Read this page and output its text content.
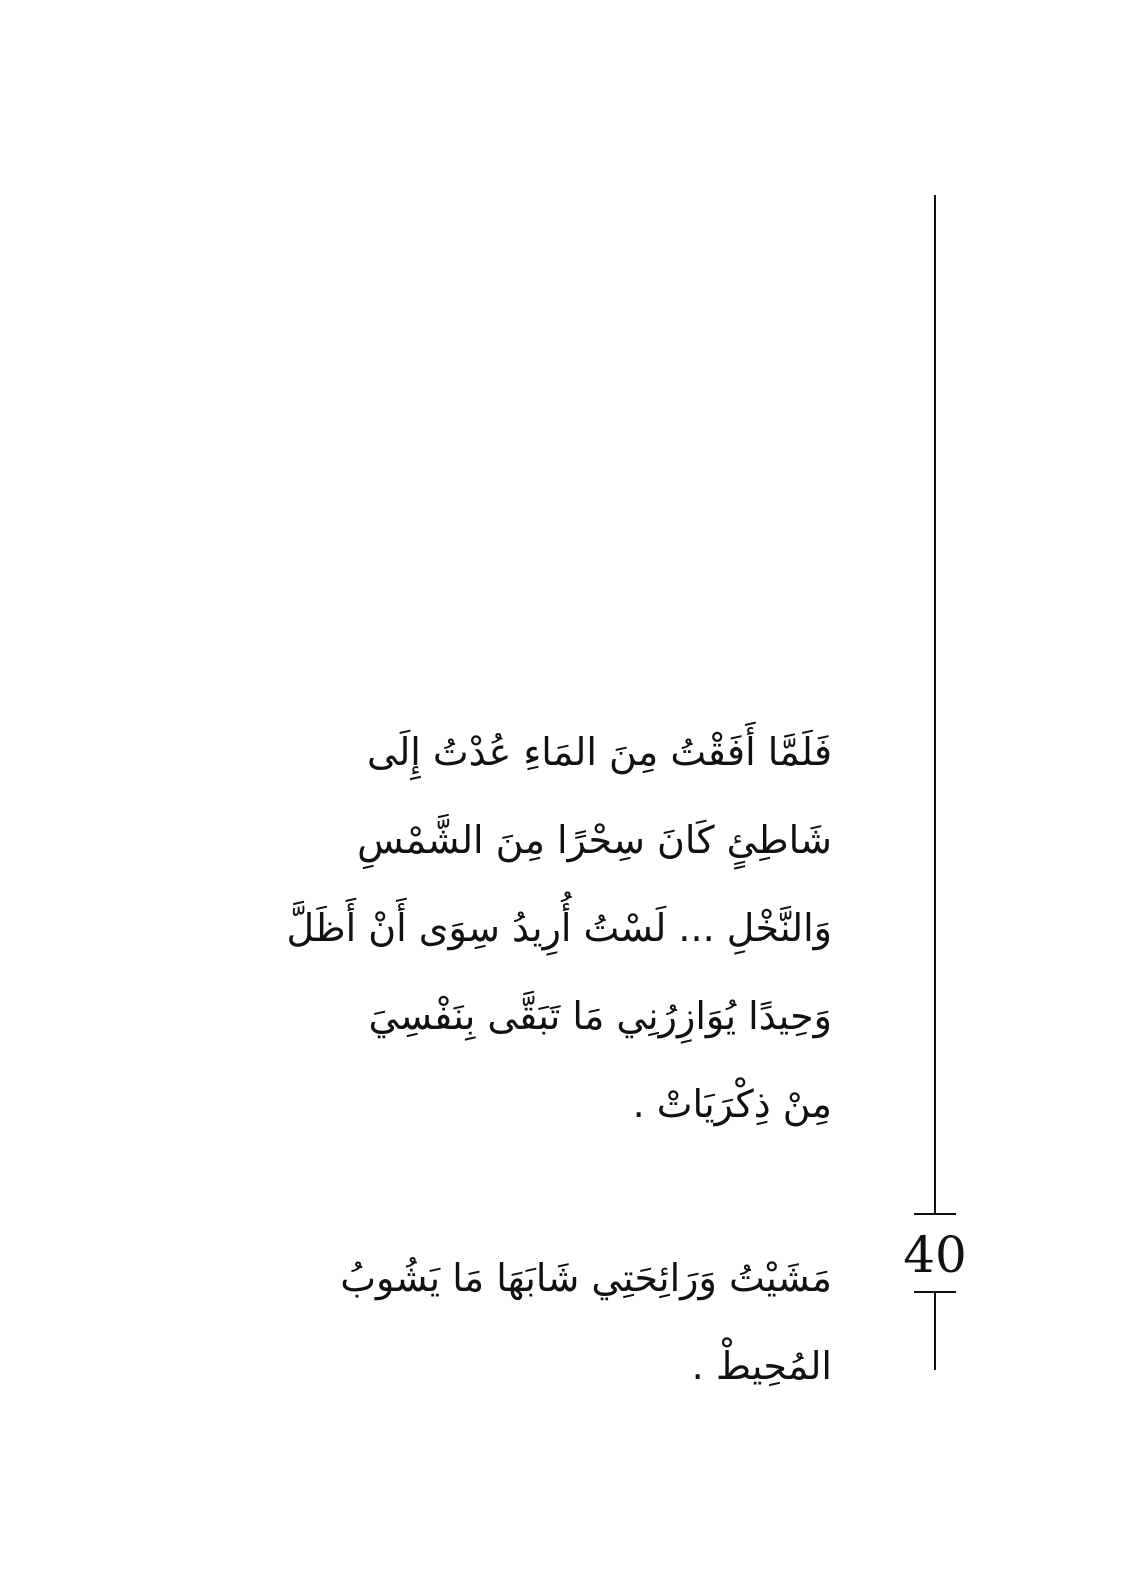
فَلَمَّا أَفَقْتُ مِنَ المَاءِ عُدْتُ إِلَى
شَاطِئٍ كَانَ سِحْرًا مِنَ الشَّمْسِ
وَالنَّخْلِ ... لَسْتُ أُرِيدُ سِوَى أَنْ أَظَلَّ
وَحِيدًا يُوَازِرُنِي مَا تَبَقَّى بِنَفْسِيَ
مِنْ ذِكْرَيَاتْ .
مَشَيْتُ وَرَائِحَتِي شَابَهَا مَا يَشُوبُ
المُحِيطْ .
40
